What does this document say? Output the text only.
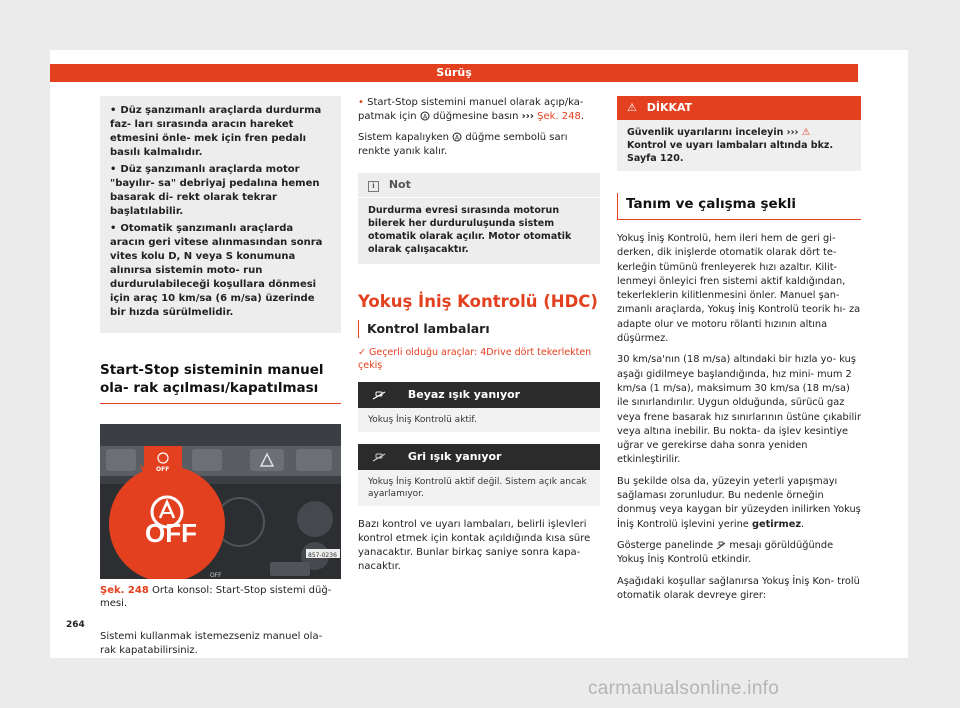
Sürüş
• Düz şanzımanlı araçlarda durdurma faz- ları sırasında aracın hareket etmesini önle- mek için fren pedalı basılı kalmalıdır.
• Düz şanzımanlı araçlarda motor "bayılır- sa" debriyaj pedalına hemen basarak di- rekt olarak tekrar başlatılabilir.
• Otomatik şanzımanlı araçlarda aracın geri vitese alınmasından sonra vites kolu D, N veya S konumuna alınırsa sistemin moto- run durdurulabileceği koşullara dönmesi için araç 10 km/sa (6 m/sa) üzerinde bir hızda sürülmelidir.
Start-Stop sisteminin manuel ola- rak açılması/kapatılması
OFF
OFF
OFF
857-0236
Şek. 248 Orta konsol: Start-Stop sistemi düğ- mesi.

Sistemi kullanmak istemezseniz manuel ola- rak kapatabilirsiniz.

• Start-Stop sistemini manuel olarak açıp/ka- patmak için A düğmesine basın ››› Şek. 248.

Sistem kapalıyken A düğme sembolü sarı renkte yanık kalır.

i Not
Durdurma evresi sırasında motorun bilerek her durduruluşunda sistem otomatik olarak açılır. Motor otomatik olarak çalışacaktır.
Yokuş İniş Kontrolü (HDC)
Kontrol lambaları

✓ Geçerli olduğu araçlar: 4Drive dört tekerlekten çekiş

Beyaz ışık yanıyor
Yokuş İniş Kontrolü aktif.
Gri ışık yanıyor
Yokuş İniş Kontrolü aktif değil. Sistem açık ancak ayarlamıyor.

Bazı kontrol ve uyarı lambaları, belirli işlevleri kontrol etmek için kontak açıldığında kısa süre yanacaktır. Bunlar birkaç saniye sonra kapa- nacaktır.

⚠ DİKKAT
Güvenlik uyarılarını inceleyin ››› ⚠ Kontrol ve uyarı lambaları altında bkz. Sayfa 120.
Tanım ve çalışma şekli

Yokuş İniş Kontrolü, hem ileri hem de geri gi- derken, dik inişlerde otomatik olarak dört te- kerleğin tümünü frenleyerek hızı azaltır. Kilit- lenmeyi önleyici fren sistemi aktif kaldığından, tekerleklerin kilitlenmesini önler. Manuel şan- zımanlı araçlarda, Yokuş İniş Kontrolü teorik hı- za adapte olur ve motoru rölanti hızının altına düşürmez.

30 km/sa'nın (18 m/sa) altındaki bir hızla yo- kuş aşağı gidilmeye başlandığında, hız mini- mum 2 km/sa (1 m/sa), maksimum 30 km/sa (18 m/sa) ile sınırlandırılır. Uygun olduğunda, sürücü gaz veya frene basarak hız sınırlarının üstüne çıkabilir veya altına inebilir. Bu nokta- da işlev kesintiye uğrar ve gerekirse daha sonra yeniden etkinleştirilir.

Bu şekilde olsa da, yüzeyin yeterli yapışmayı sağlaması zorunludur. Bu nedenle örneğin donmuş veya kaygan bir yüzeyden inilirken Yokuş İniş Kontrolü işlevini yerine getirmez.

Gösterge panelinde mesajı görüldüğünde Yokuş İniş Kontrolü etkindir.

Aşağıdaki koşullar sağlanırsa Yokuş İniş Kon- trolü otomatik olarak devreye girer:

264
carmanualsonline.info
